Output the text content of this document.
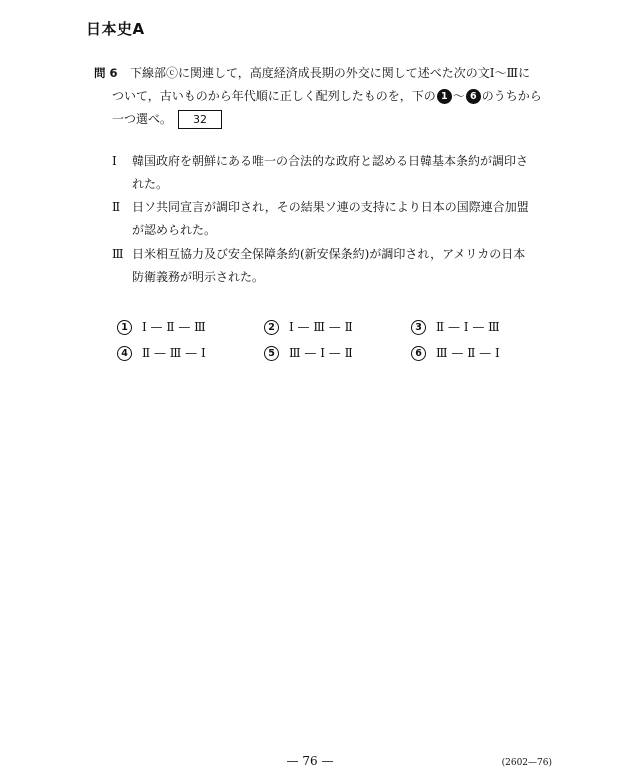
日本史A
問 6 下線部ⓒに関連して，高度経済成長期の外交に関して述べた次の文Ⅰ～Ⅲに
ついて，古いものから年代順に正しく配列したものを，下の 1 ～ 6 のうちから
一つ選べ。 32
Ⅰ 韓国政府を朝鮮にある唯一の合法的な政府と認める日韓基本条約が調印さ
れた。
Ⅱ 日ソ共同宣言が調印され，その結果ソ連の支持により日本の国際連合加盟
が認められた。
Ⅲ 日米相互協力及び安全保障条約(新安保条約)が調印され，アメリカの日本
防衛義務が明示された。
1 Ⅰ — Ⅱ — Ⅲ	2 Ⅰ — Ⅲ — Ⅱ	3 Ⅱ — Ⅰ — Ⅲ
4 Ⅱ — Ⅲ — Ⅰ	5 Ⅲ — Ⅰ — Ⅱ	6 Ⅲ — Ⅱ — Ⅰ
— 76 —	(2602—76)
